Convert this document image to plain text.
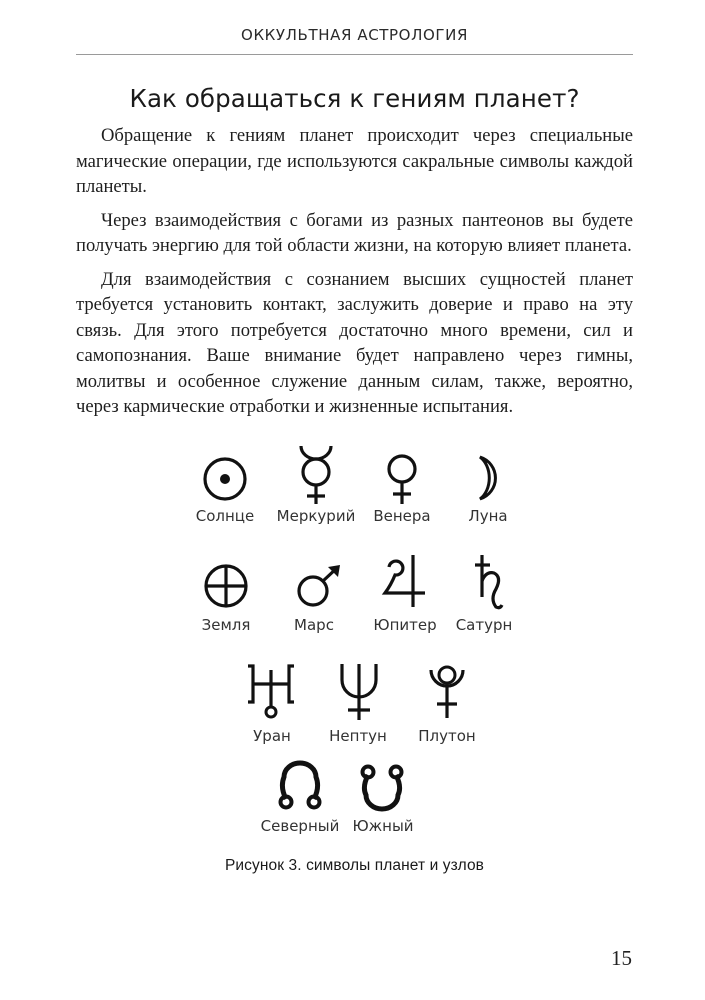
ОККУЛЬТНАЯ АСТРОЛОГИЯ
Как обращаться к гениям планет?

Обращение к гениям планет происходит через специальные магические операции, где используются сакральные символы каждой планеты.

Через взаимодействия с богами из разных пантеонов вы будете получать энергию для той области жизни, на которую влияет планета.

Для взаимодействия с сознанием высших сущностей планет требуется установить контакт, заслужить доверие и право на эту связь. Для этого потребуется достаточно много времени, сил и самопознания. Ваше внимание будет направлено через гимны, молитвы и особенное служение данным силам, также, вероятно, через кармические отработки и жизненные испытания.

Солнце Меркурий Венера	Луна
Земля	Марс	Юпитер Сатурн
Уран	Нептун Плутон
Северный Южный
Рисунок 3. символы планет и узлов
15
